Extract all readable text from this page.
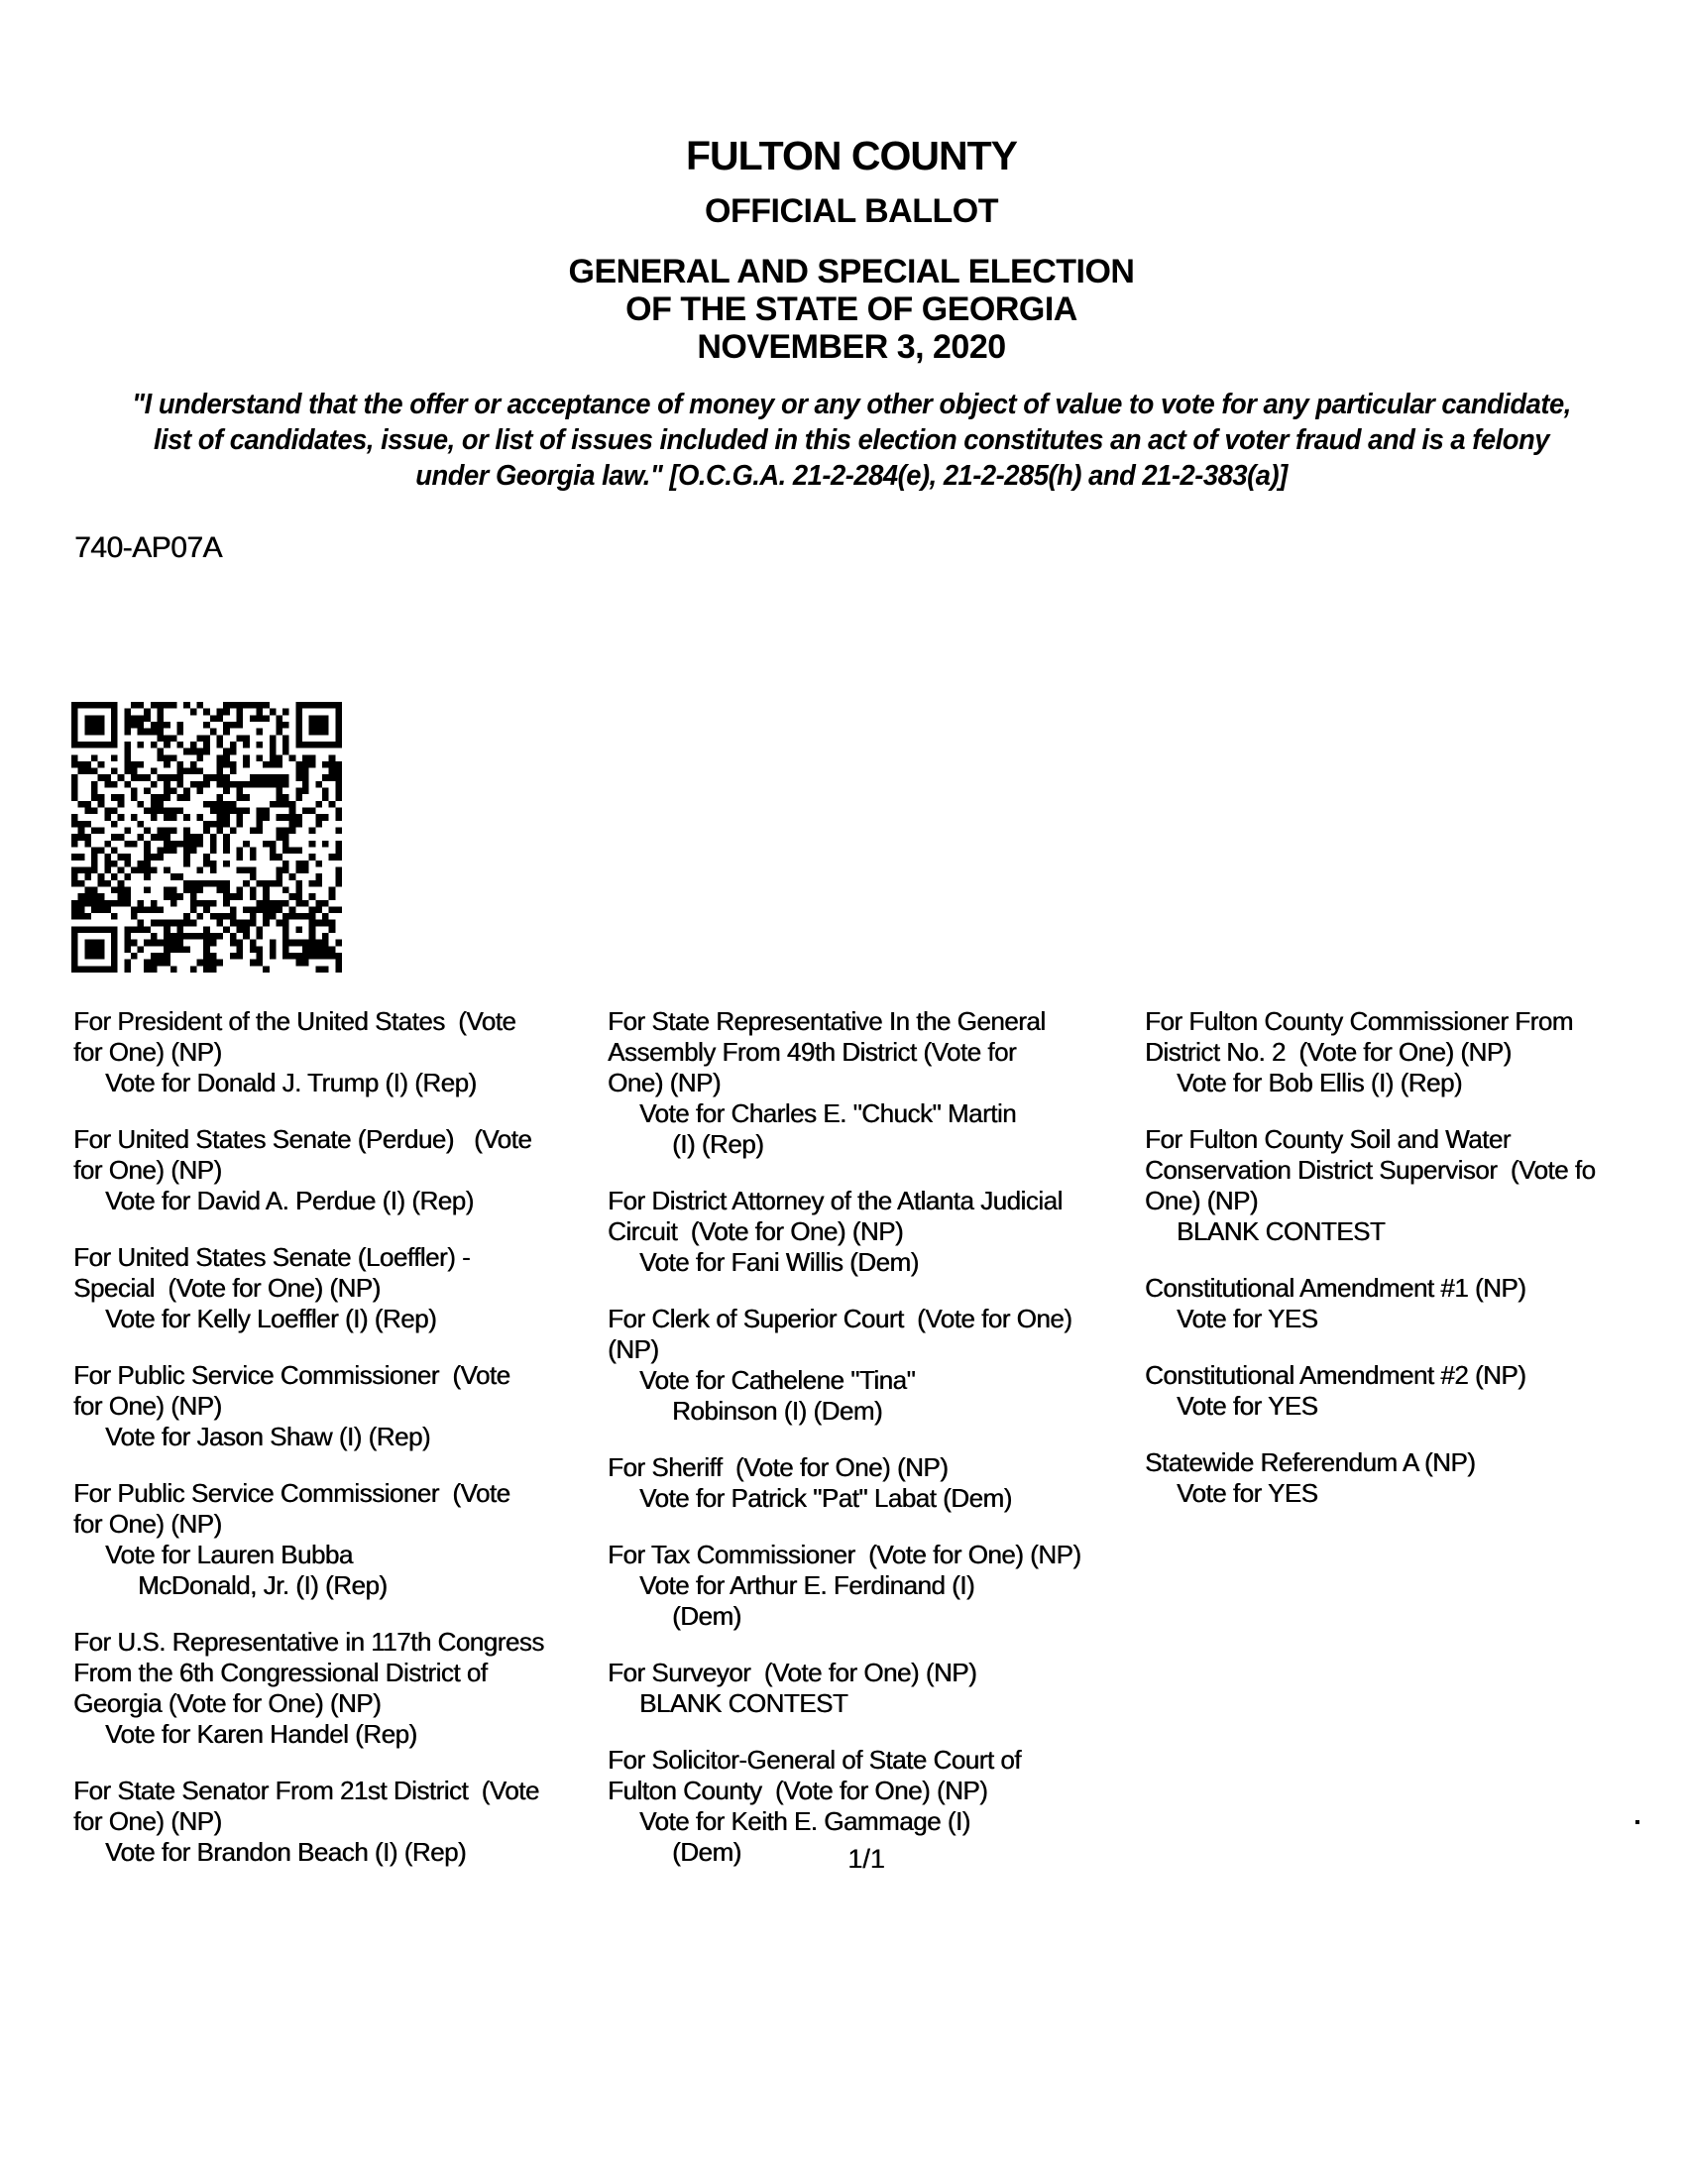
FULTON COUNTY
OFFICIAL BALLOT
GENERAL AND SPECIAL ELECTION
OF THE STATE OF GEORGIA
NOVEMBER 3, 2020
"I understand that the offer or acceptance of money or any other object of value to vote for any particular candidate,
list of candidates, issue, or list of issues included in this election constitutes an act of voter fraud and is a felony
under Georgia law." [O.C.G.A. 21-2-284(e), 21-2-285(h) and 21-2-383(a)]
740-AP07A
For President of the United States  (Vote
for One) (NP)
Vote for Donald J. Trump (I) (Rep)
For United States Senate (Perdue)   (Vote
for One) (NP)
Vote for David A. Perdue (I) (Rep)
For United States Senate (Loeffler) -
Special  (Vote for One) (NP)
Vote for Kelly Loeffler (I) (Rep)
For Public Service Commissioner  (Vote
for One) (NP)
Vote for Jason Shaw (I) (Rep)
For Public Service Commissioner  (Vote
for One) (NP)
Vote for Lauren Bubba
McDonald, Jr. (I) (Rep)
For U.S. Representative in 117th Congress
From the 6th Congressional District of
Georgia (Vote for One) (NP)
Vote for Karen Handel (Rep)
For State Senator From 21st District  (Vote
for One) (NP)
Vote for Brandon Beach (I) (Rep)
For State Representative In the General
Assembly From 49th District (Vote for
One) (NP)
Vote for Charles E. "Chuck" Martin
(I) (Rep)
For District Attorney of the Atlanta Judicial
Circuit  (Vote for One) (NP)
Vote for Fani Willis (Dem)
For Clerk of Superior Court  (Vote for One)
(NP)
Vote for Cathelene "Tina"
Robinson (I) (Dem)
For Sheriff  (Vote for One) (NP)
Vote for Patrick "Pat" Labat (Dem)
For Tax Commissioner  (Vote for One) (NP)
Vote for Arthur E. Ferdinand (I)
(Dem)
For Surveyor  (Vote for One) (NP)
BLANK CONTEST
For Solicitor-General of State Court of
Fulton County  (Vote for One) (NP)
Vote for Keith E. Gammage (I)
(Dem)
For Fulton County Commissioner From
District No. 2  (Vote for One) (NP)
Vote for Bob Ellis (I) (Rep)
For Fulton County Soil and Water
Conservation District Supervisor  (Vote fo
One) (NP)
BLANK CONTEST
Constitutional Amendment #1 (NP)
Vote for YES
Constitutional Amendment #2 (NP)
Vote for YES
Statewide Referendum A (NP)
Vote for YES
1/1
